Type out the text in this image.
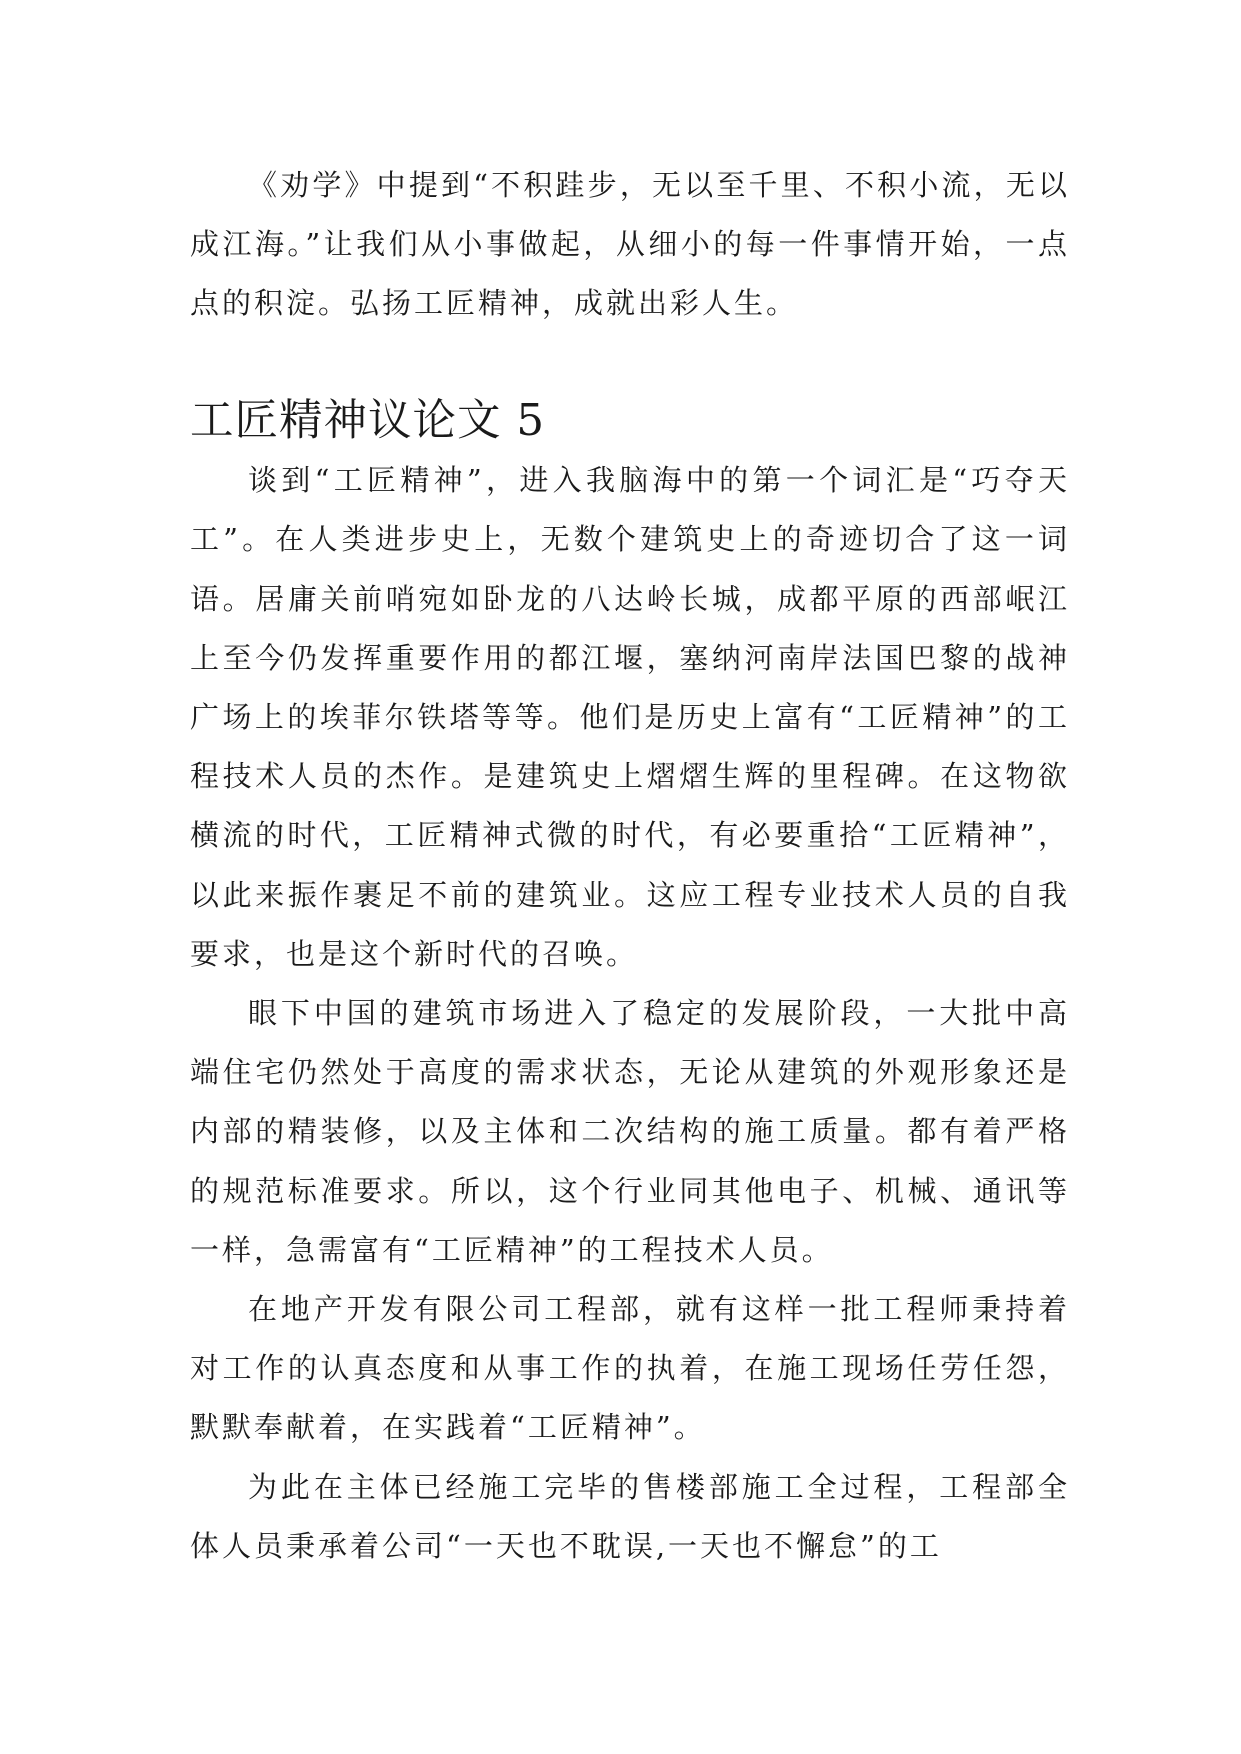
《劝学》中提到“不积跬步，无以至千里、不积小流，无以成江海。”让我们从小事做起，从细小的每一件事情开始，一点点的积淀。弘扬工匠精神，成就出彩人生。

工匠精神议论文 5

谈到“工匠精神”，进入我脑海中的第一个词汇是“巧夺天工”。在人类进步史上，无数个建筑史上的奇迹切合了这一词语。居庸关前哨宛如卧龙的八达岭长城，成都平原的西部岷江上至今仍发挥重要作用的都江堰，塞纳河南岸法国巴黎的战神广场上的埃菲尔铁塔等等。他们是历史上富有“工匠精神”的工程技术人员的杰作。是建筑史上熠熠生辉的里程碑。在这物欲横流的时代，工匠精神式微的时代，有必要重拾“工匠精神”，以此来振作裹足不前的建筑业。这应工程专业技术人员的自我要求，也是这个新时代的召唤。

眼下中国的建筑市场进入了稳定的发展阶段，一大批中高端住宅仍然处于高度的需求状态，无论从建筑的外观形象还是内部的精装修，以及主体和二次结构的施工质量。都有着严格的规范标准要求。所以，这个行业同其他电子、机械、通讯等一样，急需富有“工匠精神”的工程技术人员。

在地产开发有限公司工程部，就有这样一批工程师秉持着对工作的认真态度和从事工作的执着，在施工现场任劳任怨，默默奉献着，在实践着“工匠精神”。

为此在主体已经施工完毕的售楼部施工全过程，工程部全体人员秉承着公司“一天也不耽误,一天也不懈怠”的工
